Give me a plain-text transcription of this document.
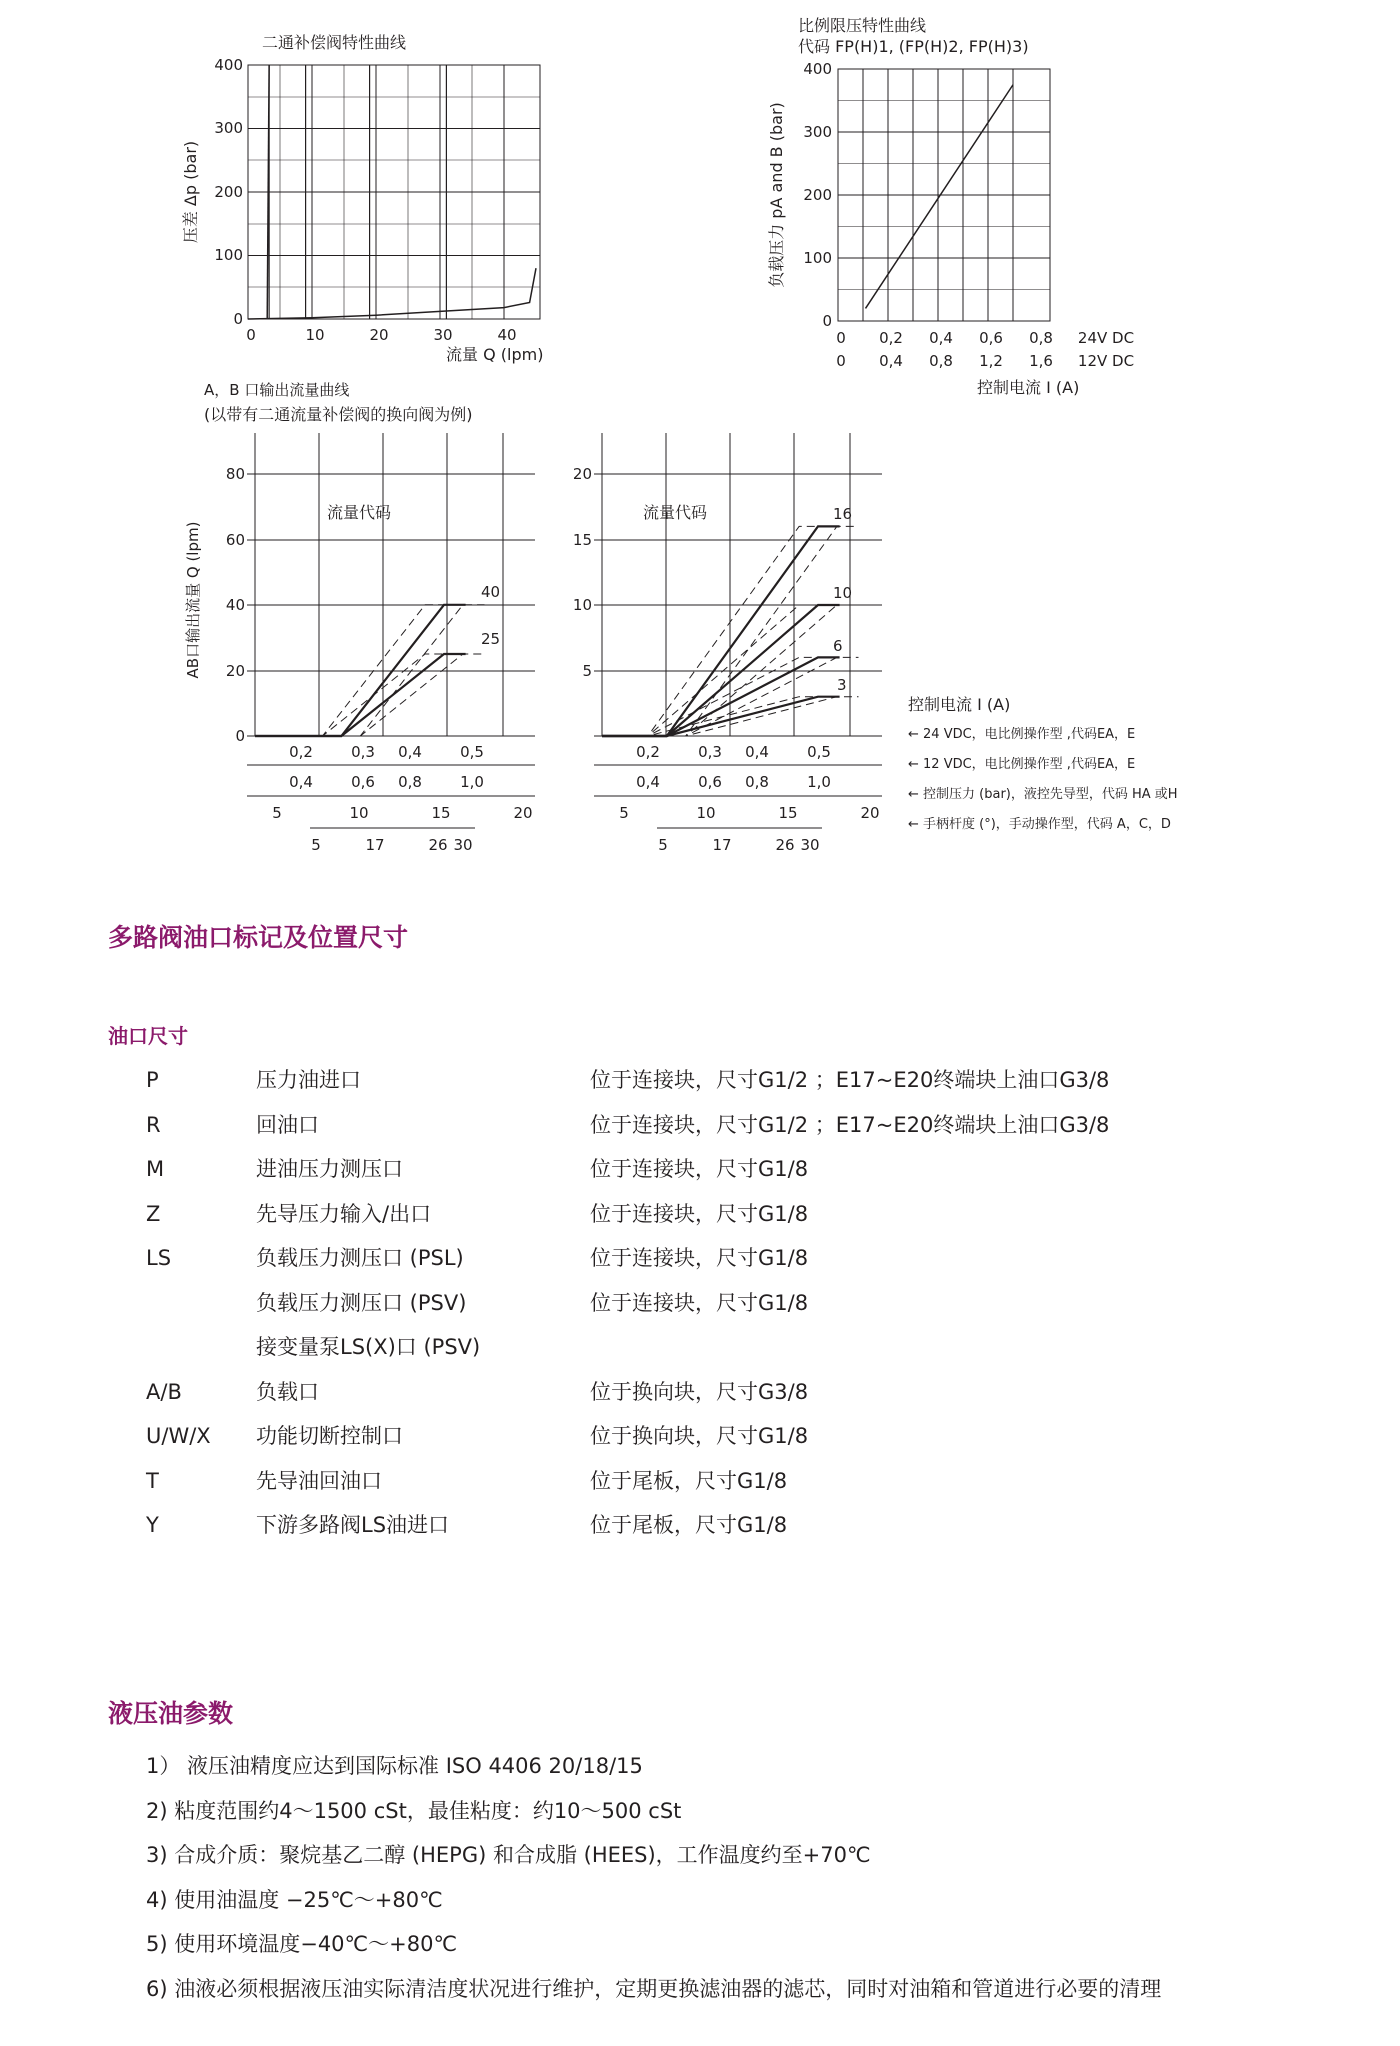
二通补偿阀特性曲线
0
100
200
300
400
0	10	20	30	40
流量 Q (lpm)
压差 Δp (bar)
比例限压特性曲线
代码 FP(H)1, (FP(H)2, FP(H)3)
0
100
200
300
400
0 0,2 0,4 0,6 0,8 24V DC
0 0,4 0,8 1,2 1,6 12V DC
控制电流 I (A)
负载压力 pA and B (bar)
A，B 口输出流量曲线
(以带有二通流量补偿阀的换向阀为例)
流量代码
40
25
0
20
40
60
80
0,2	0,3 0,4	0,5
0,4	0,6 0,8	1,0
5	10	15	20
5	17	26 30
AB口输出流量 Q (lpm)
流量代码	16
10
6
3
5
10
15
20
0,2	0,3 0,4	0,5
0,4	0,6 0,8	1,0
5	10	15	20
5	17	26 30
控制电流 I (A)
← 24 VDC，电比例操作型 ,代码EA，E
← 12 VDC，电比例操作型 ,代码EA，E
← 控制压力 (bar)，液控先导型，代码 HA 或H
← 手柄杆度 (°)，手动操作型，代码 A，C，D
多路阀油口标记及位置尺寸
油口尺寸
P	压力油进口	位于连接块，尺寸G1/2 ；E17~E20终端块上油口G3/8
R	回油口	位于连接块，尺寸G1/2 ；E17~E20终端块上油口G3/8
M	进油压力测压口	位于连接块，尺寸G1/8
Z	先导压力输入/出口	位于连接块，尺寸G1/8
LS	负载压力测压口 (PSL)	位于连接块，尺寸G1/8
负载压力测压口 (PSV)	位于连接块，尺寸G1/8
接变量泵LS(X)口 (PSV)
A/B	负载口	位于换向块，尺寸G3/8
U/W/X 功能切断控制口	位于换向块，尺寸G1/8
T	先导油回油口	位于尾板，尺寸G1/8
Y	下游多路阀LS油进口	位于尾板，尺寸G1/8
液压油参数
1） 液压油精度应达到国际标准 ISO 4406 20/18/15
2) 粘度范围约4～1500 cSt，最佳粘度：约10～500 cSt
3) 合成介质：聚烷基乙二醇 (HEPG) 和合成脂 (HEES)，工作温度约至+70℃
4) 使用油温度 −25℃～+80℃
5) 使用环境温度−40℃～+80℃
6) 油液必须根据液压油实际清洁度状况进行维护，定期更换滤油器的滤芯，同时对油箱和管道进行必要的清理
